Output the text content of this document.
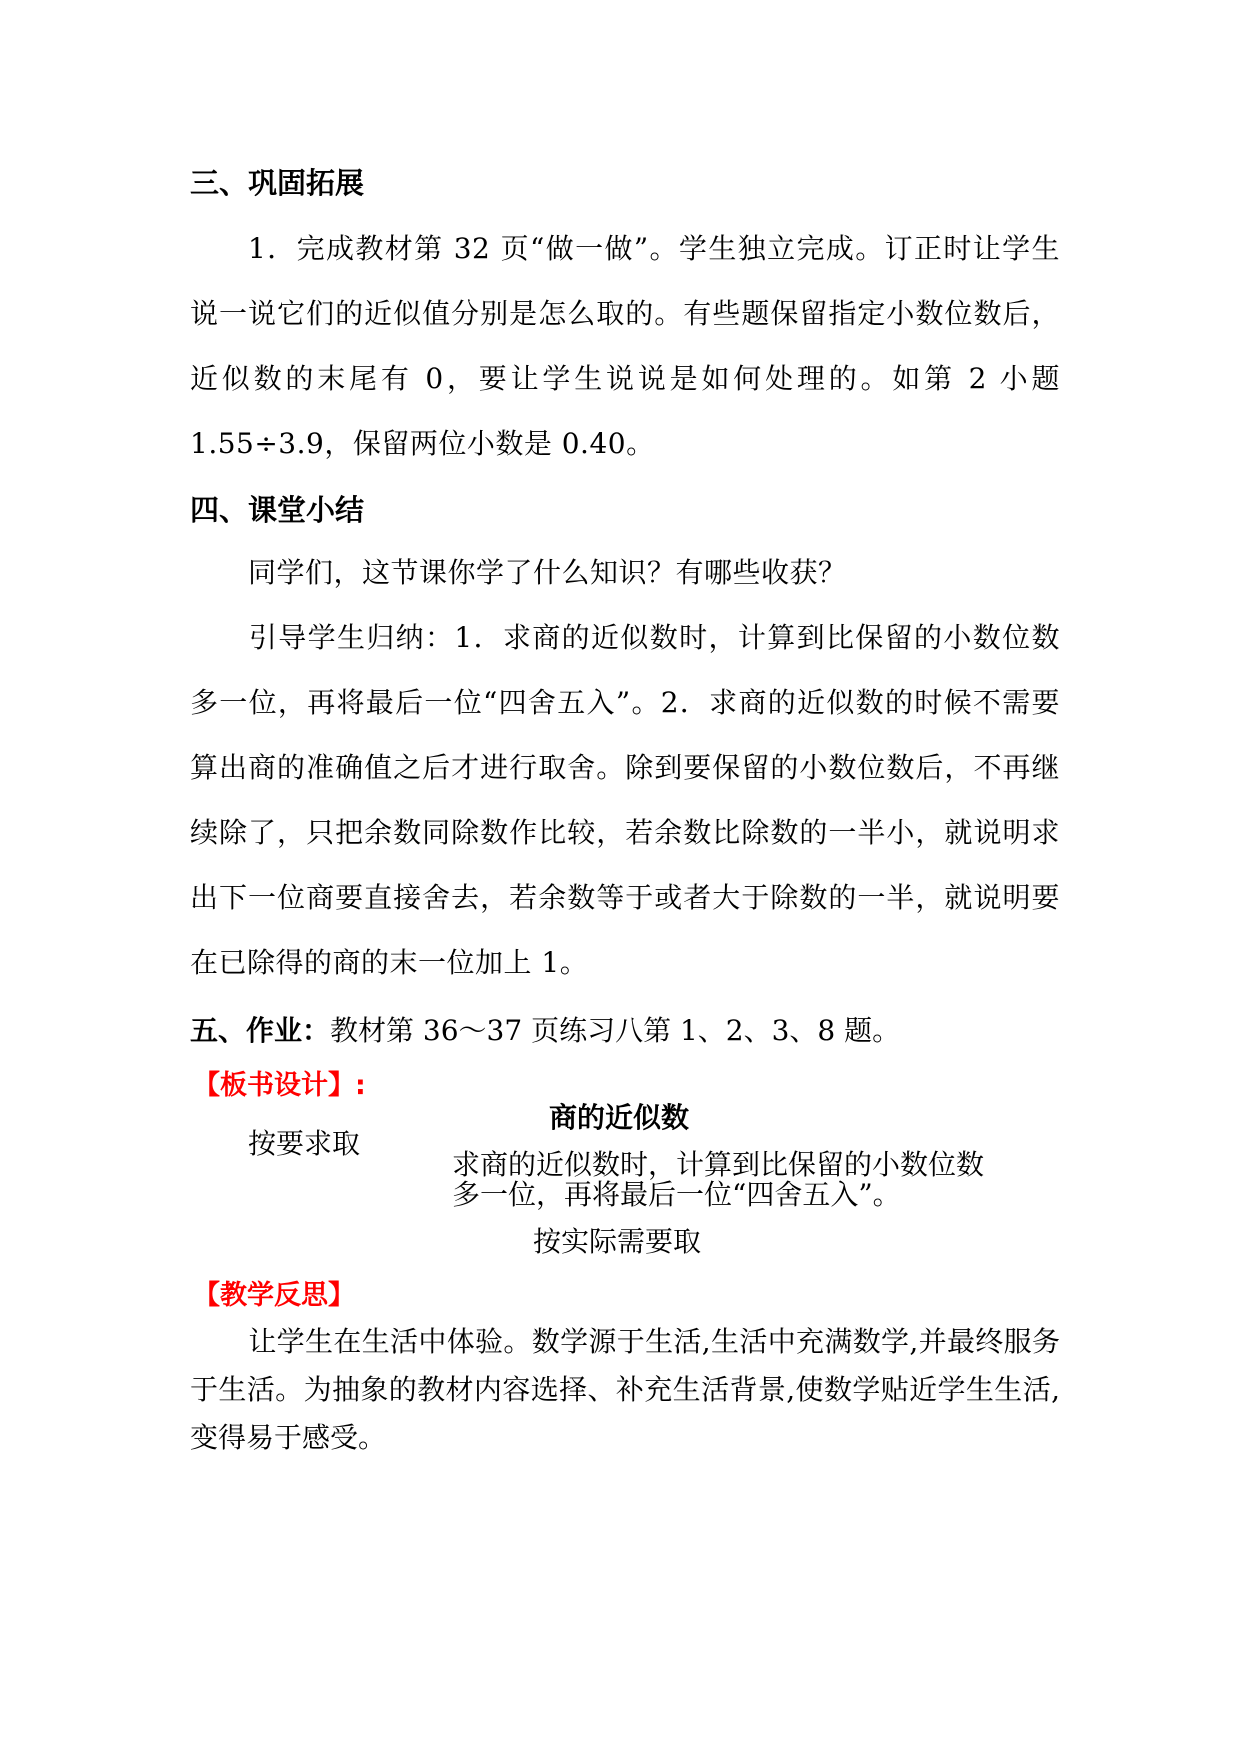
三、巩固拓展
1．完成教材第 32 页“做一做”。学生独立完成。订正时让学生说一说它们的近似值分别是怎么取的。有些题保留指定小数位数后，近似数的末尾有 0，要让学生说说是如何处理的。如第 2 小题 1.55÷3.9，保留两位小数是 0.40。
四、课堂小结
同学们，这节课你学了什么知识？有哪些收获？
引导学生归纳：1．求商的近似数时，计算到比保留的小数位数多一位，再将最后一位“四舍五入”。2．求商的近似数的时候不需要算出商的准确值之后才进行取舍。除到要保留的小数位数后，不再继续除了，只把余数同除数作比较，若余数比除数的一半小，就说明求出下一位商要直接舍去，若余数等于或者大于除数的一半，就说明要在已除得的商的末一位加上 1。
五、作业：教材第 36～37 页练习八第 1、2、3、8 题。
【板书设计】:
商的近似数
按要求取
求商的近似数时，计算到比保留的小数位数
多一位，再将最后一位“四舍五入”。
按实际需要取
【教学反思】
让学生在生活中体验。数学源于生活,生活中充满数学,并最终服务于生活。为抽象的教材内容选择、补充生活背景,使数学贴近学生生活,变得易于感受。
